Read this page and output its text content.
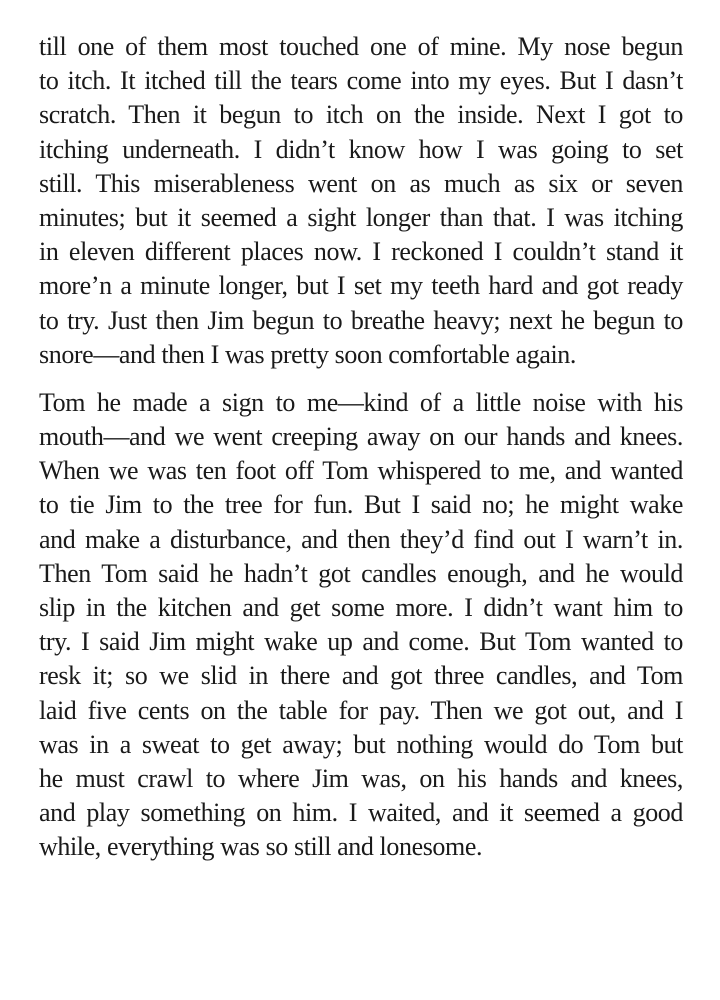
till one of them most touched one of mine. My nose begun
to itch. It itched till the tears come into my eyes. But I dasn’t
scratch. Then it begun to itch on the inside. Next I got to
itching underneath. I didn’t know how I was going to set
still. This miserableness went on as much as six or seven
minutes; but it seemed a sight longer than that. I was itching
in eleven different places now. I reckoned I couldn’t stand it
more’n a minute longer, but I set my teeth hard and got ready
to try. Just then Jim begun to breathe heavy; next he begun to
snore—and then I was pretty soon comfortable again.
Tom he made a sign to me—kind of a little noise with his
mouth—and we went creeping away on our hands and knees.
When we was ten foot off Tom whispered to me, and wanted
to tie Jim to the tree for fun. But I said no; he might wake
and make a disturbance, and then they’d find out I warn’t in.
Then Tom said he hadn’t got candles enough, and he would
slip in the kitchen and get some more. I didn’t want him to
try. I said Jim might wake up and come. But Tom wanted to
resk it; so we slid in there and got three candles, and Tom
laid five cents on the table for pay. Then we got out, and I
was in a sweat to get away; but nothing would do Tom but
he must crawl to where Jim was, on his hands and knees,
and play something on him. I waited, and it seemed a good
while, everything was so still and lonesome.
